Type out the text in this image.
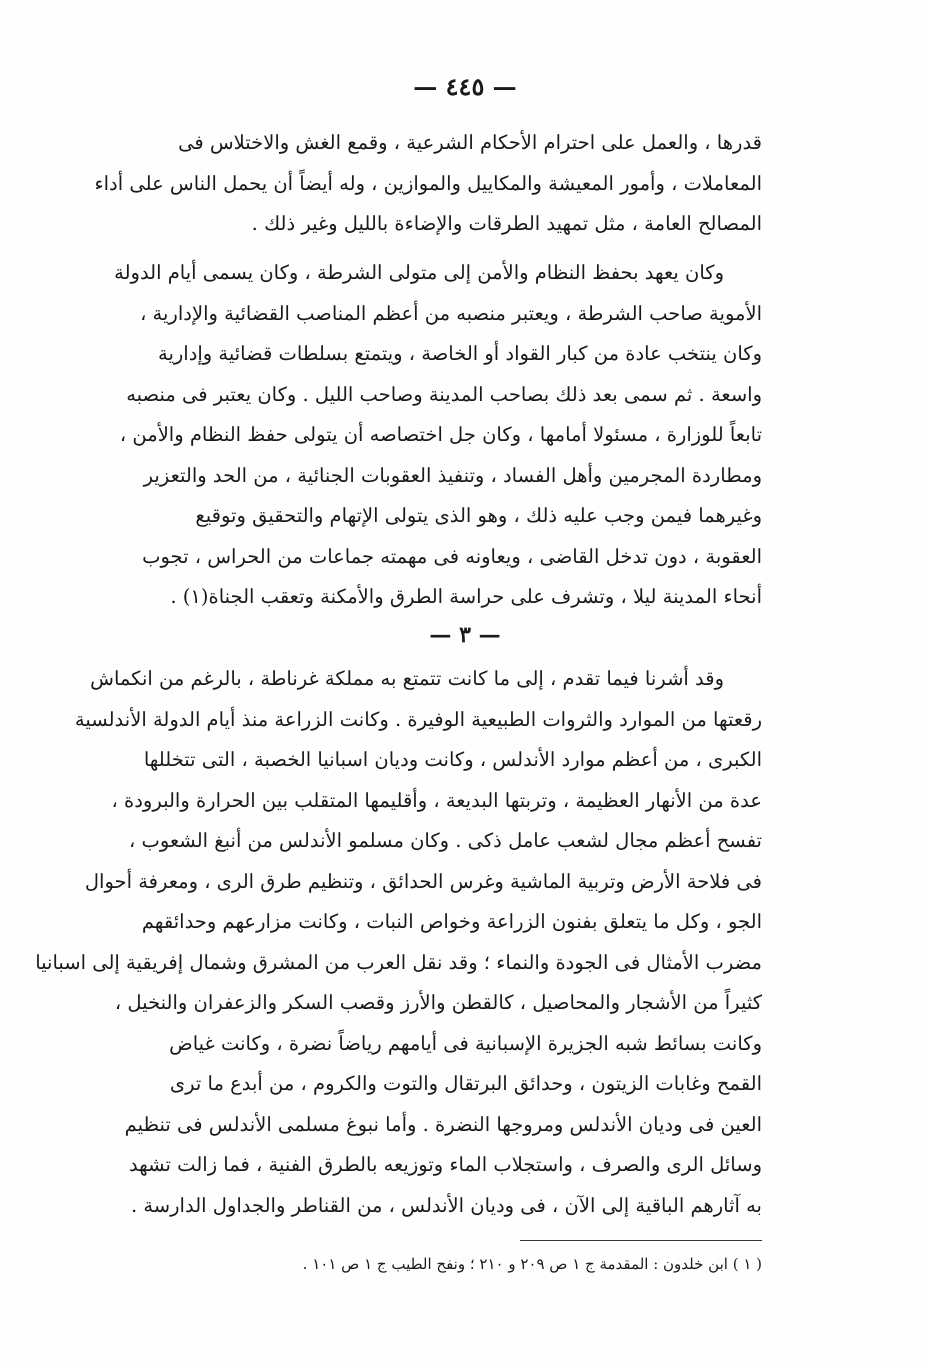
— ٤٤٥ —
قدرها ، والعمل على احترام الأحكام الشرعية ، وقمع الغش والاختلاس فى
المعاملات ، وأمور المعيشة والمكاييل والموازين ، وله أيضاً أن يحمل الناس على أداء
المصالح العامة ، مثل تمهيد الطرقات والإضاءة بالليل وغير ذلك .
وكان يعهد بحفظ النظام والأمن إلى متولى الشرطة ، وكان يسمى أيام الدولة
الأموية صاحب الشرطة ، ويعتبر منصبه من أعظم المناصب القضائية والإدارية ،
وكان ينتخب عادة من كبار القواد أو الخاصة ، ويتمتع بسلطات قضائية وإدارية
واسعة . ثم سمى بعد ذلك بصاحب المدينة وصاحب الليل . وكان يعتبر فى منصبه
تابعاً للوزارة ، مسئولا أمامها ، وكان جل اختصاصه أن يتولى حفظ النظام والأمن ،
ومطاردة المجرمين وأهل الفساد ، وتنفيذ العقوبات الجنائية ، من الحد والتعزير
وغيرهما فيمن وجب عليه ذلك ، وهو الذى يتولى الإتهام والتحقيق وتوقيع
العقوبة ، دون تدخل القاضى ، ويعاونه فى مهمته جماعات من الحراس ، تجوب
أنحاء المدينة ليلا ، وتشرف على حراسة الطرق والأمكنة وتعقب الجناة(١) .
— ٣ —
وقد أشرنا فيما تقدم ، إلى ما كانت تتمتع به مملكة غرناطة ، بالرغم من انكماش
رقعتها من الموارد والثروات الطبيعية الوفيرة . وكانت الزراعة منذ أيام الدولة الأندلسية
الكبرى ، من أعظم موارد الأندلس ، وكانت وديان اسبانيا الخصبة ، التى تتخللها
عدة من الأنهار العظيمة ، وتربتها البديعة ، وأقليمها المتقلب بين الحرارة والبرودة ،
تفسح أعظم مجال لشعب عامل ذكى . وكان مسلمو الأندلس من أنبغ الشعوب ،
فى فلاحة الأرض وتربية الماشية وغرس الحدائق ، وتنظيم طرق الرى ، ومعرفة أحوال
الجو ، وكل ما يتعلق بفنون الزراعة وخواص النبات ، وكانت مزارعهم وحدائقهم
مضرب الأمثال فى الجودة والنماء ؛ وقد نقل العرب من المشرق وشمال إفريقية إلى اسبانيا
كثيراً من الأشجار والمحاصيل ، كالقطن والأرز وقصب السكر والزعفران والنخيل ،
وكانت بسائط شبه الجزيرة الإسبانية فى أيامهم رياضاً نضرة ، وكانت غياض
القمح وغابات الزيتون ، وحدائق البرتقال والتوت والكروم ، من أبدع ما ترى
العين فى وديان الأندلس ومروجها النضرة . وأما نبوغ مسلمى الأندلس فى تنظيم
وسائل الرى والصرف ، واستجلاب الماء وتوزيعه بالطرق الفنية ، فما زالت تشهد
به آثارهم الباقية إلى الآن ، فى وديان الأندلس ، من القناطر والجداول الدارسة .
( ١ ) ابن خلدون : المقدمة ج ١ ص ٢٠٩ و ٢١٠ ؛ ونفح الطيب ج ١ ص ١٠١ .
